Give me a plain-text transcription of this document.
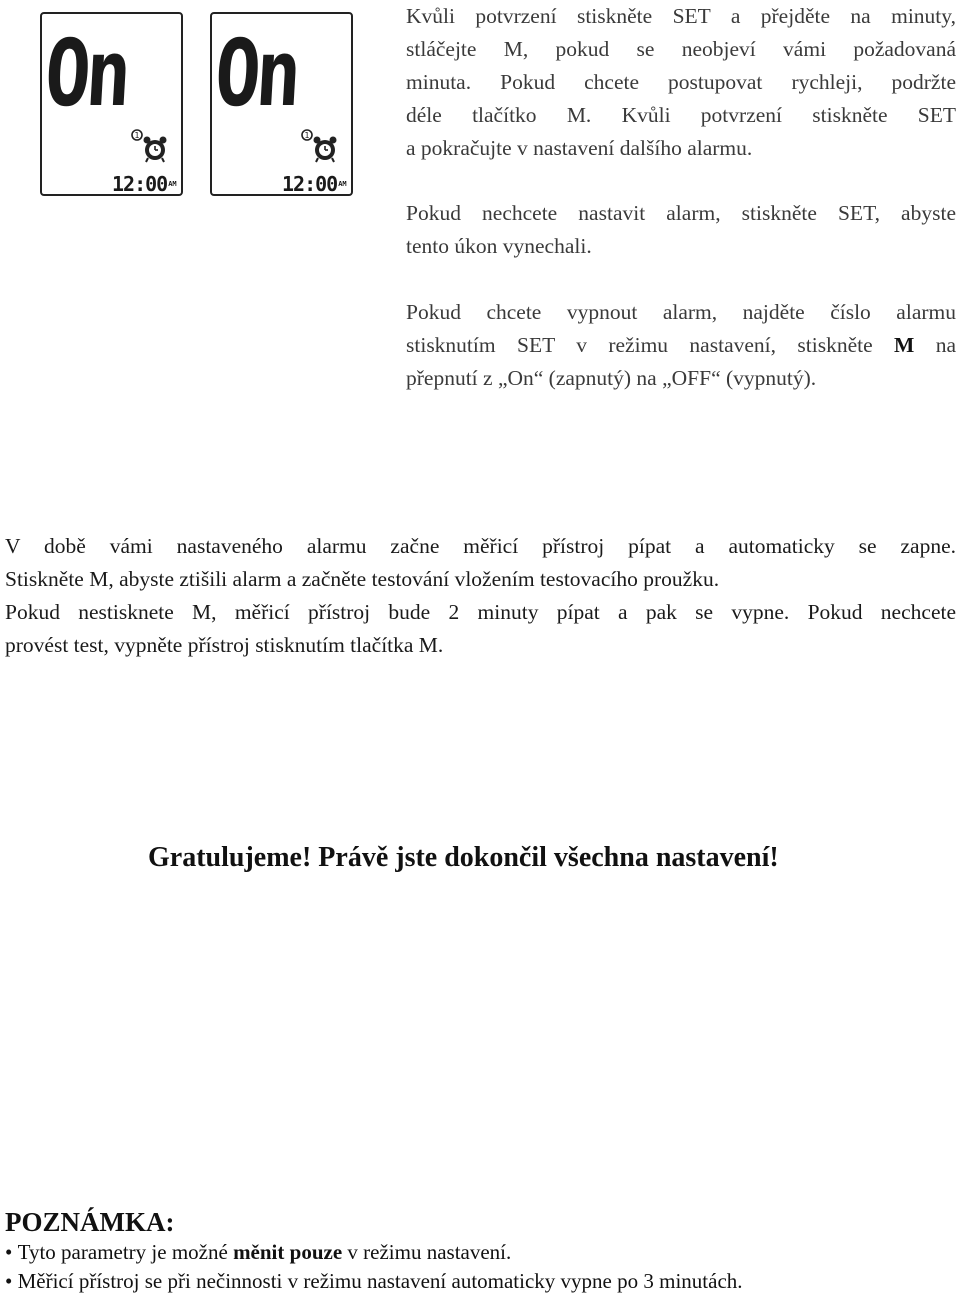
On
1
$12:00^{AM}$
On
1
$12:00^{AM}$

Kvůli potvrzení stiskněte SET a přejděte na minuty,
stláčejte M, pokud se neobjeví vámi požadovaná
minuta. Pokud chcete postupovat rychleji, podržte
déle tlačítko M. Kvůli potvrzení stiskněte SET
a pokračujte v nastavení dalšího alarmu.

Pokud nechcete nastavit alarm, stiskněte SET, abyste
tento úkon vynechali.

Pokud chcete vypnout alarm, najděte číslo alarmu
stisknutím SET v režimu nastavení, stiskněte M na
přepnutí z „On“ (zapnutý) na „OFF“ (vypnutý).

V době vámi nastaveného alarmu začne měřicí přístroj pípat a automaticky se zapne.
Stiskněte M, abyste ztišili alarm a začněte testování vložením testovacího proužku.
Pokud nestisknete M, měřicí přístroj bude 2 minuty pípat a pak se vypne. Pokud nechcete
provést test, vypněte přístroj stisknutím tlačítka M.

Gratulujeme! Právě jste dokončil všechna nastavení!
POZNÁMKA:
• Tyto parametry je možné měnit pouze v režimu nastavení.
• Měřicí přístroj se při nečinnosti v režimu nastavení automaticky vypne po 3 minutách.
